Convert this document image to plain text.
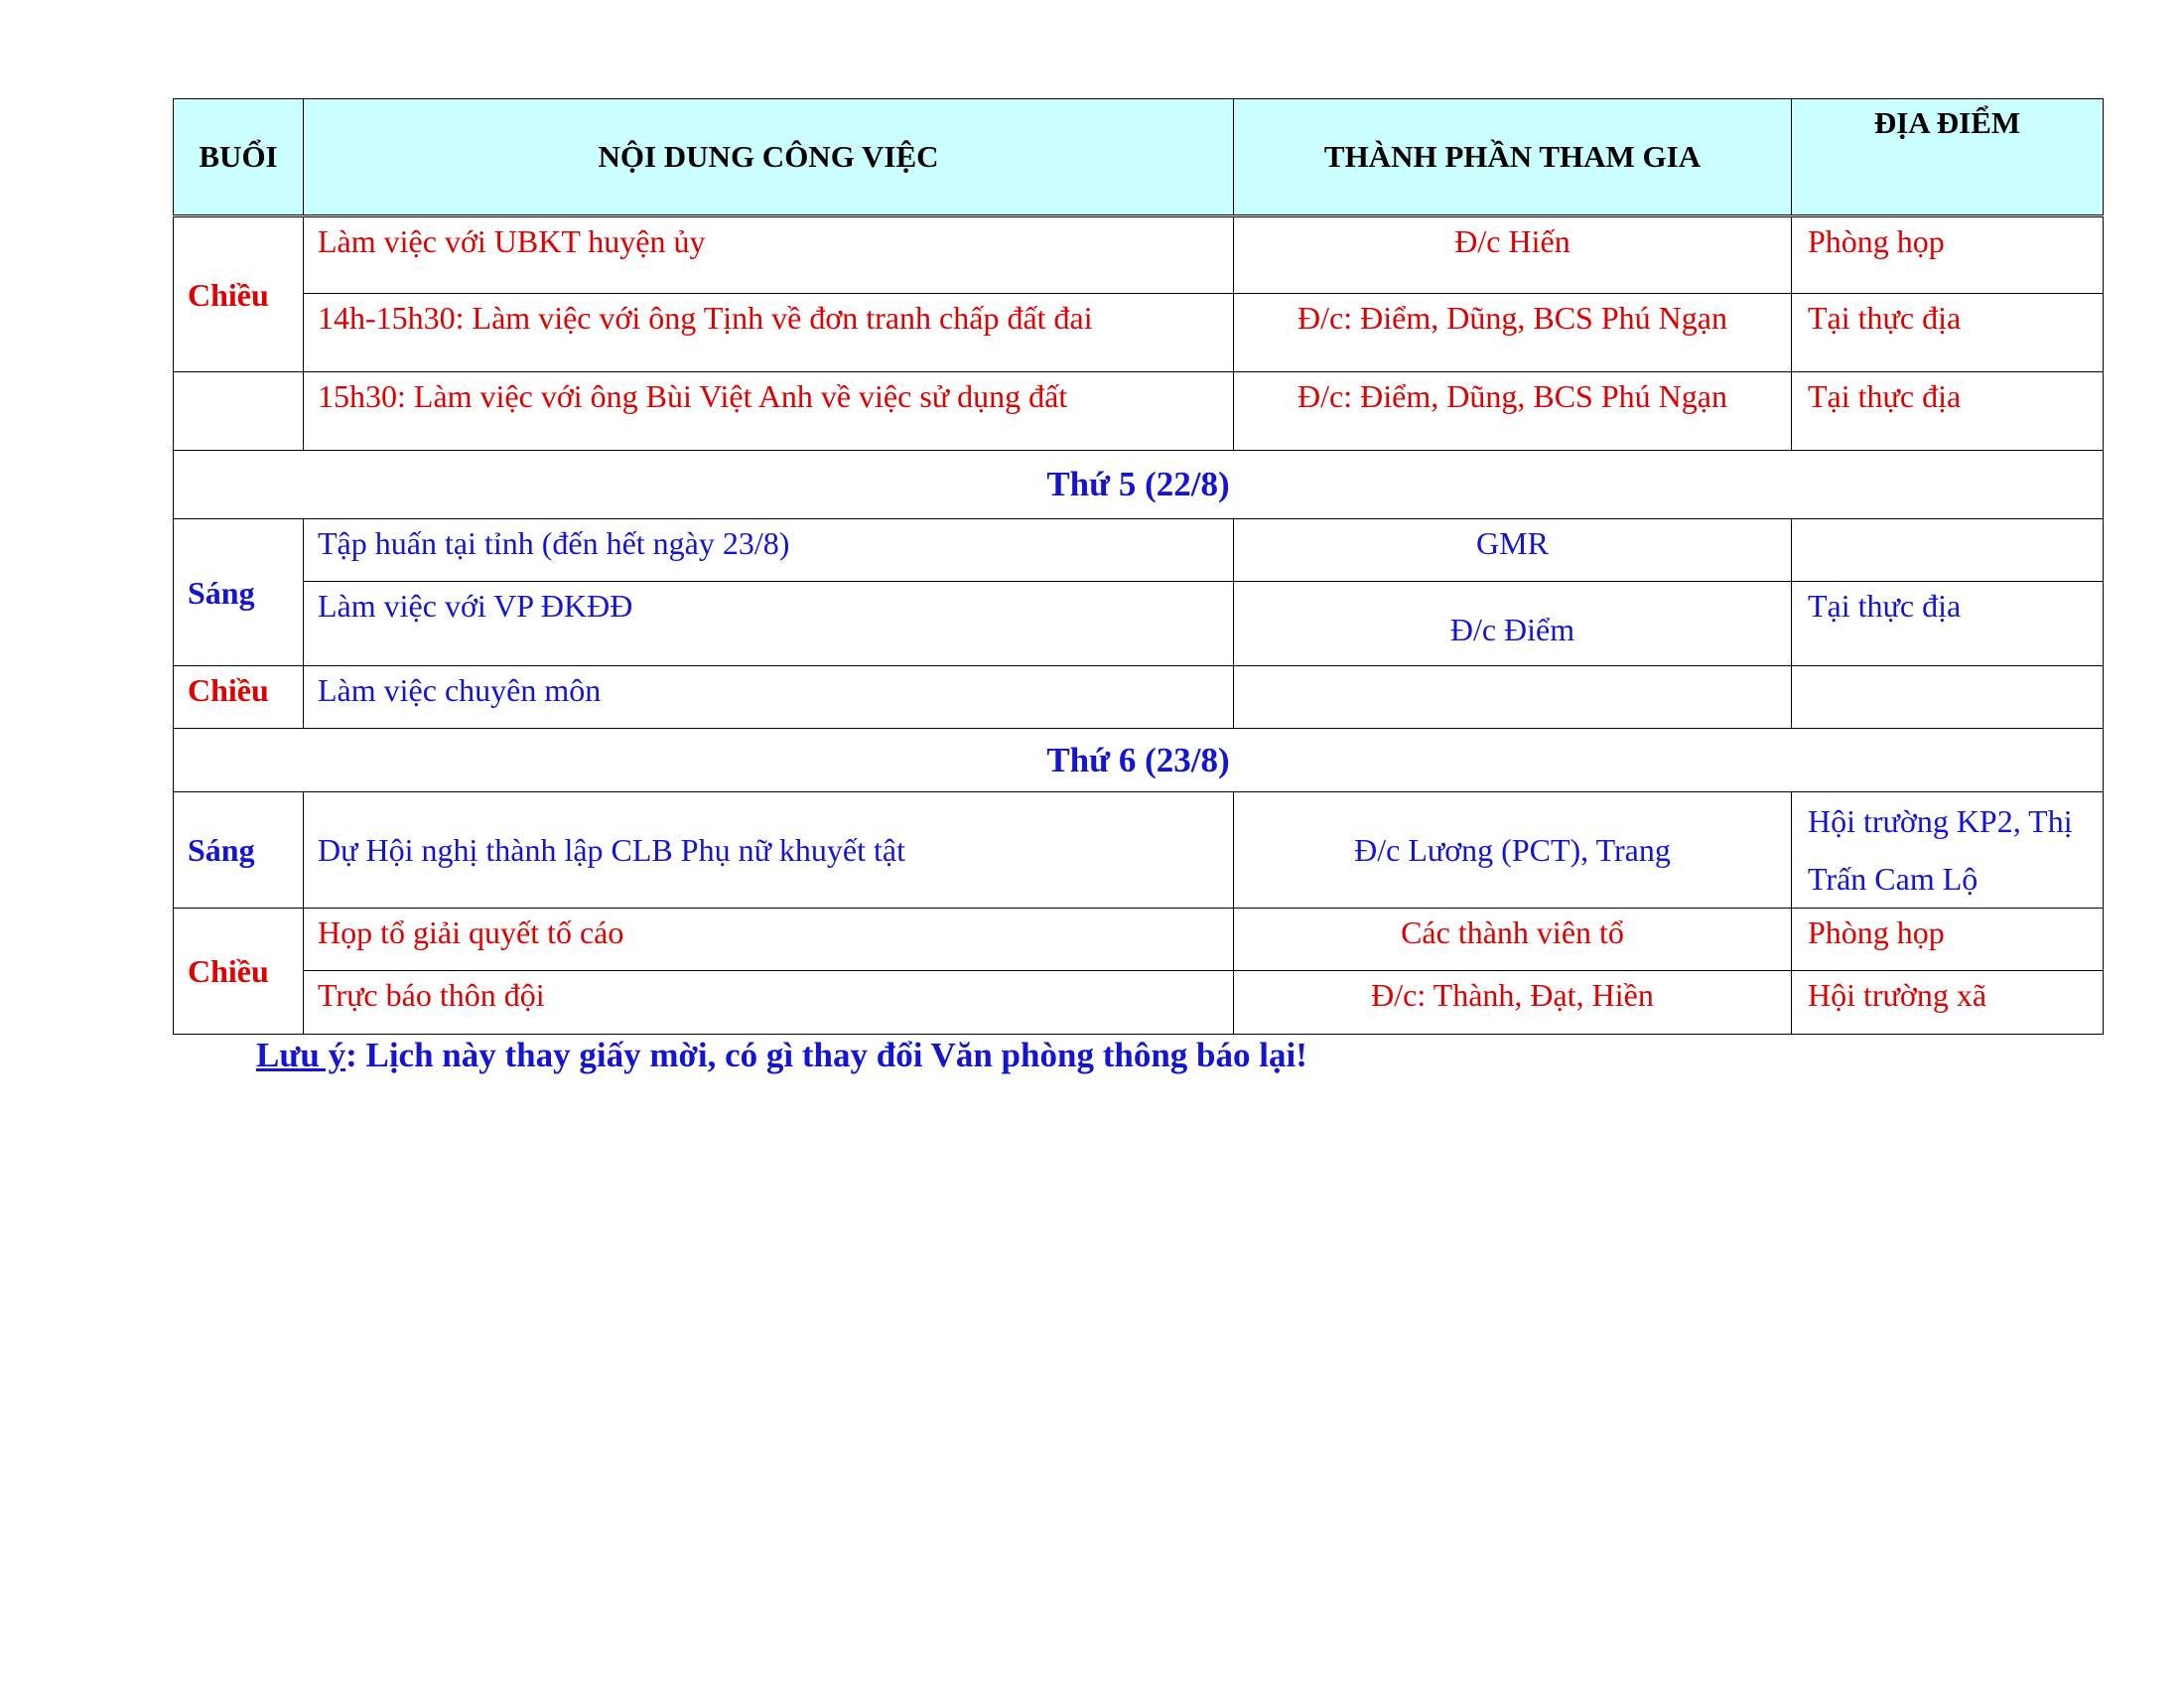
BUỔI	NỘI DUNG CÔNG VIỆC	THÀNH PHẦN THAM GIA	ĐỊA ĐIỂM
Chiều	Làm việc với UBKT huyện ủy	Đ/c Hiến	Phòng họp
	14h-15h30: Làm việc với ông Tịnh về đơn tranh chấp đất đai	Đ/c: Điểm, Dũng, BCS Phú Ngạn	Tại thực địa
	15h30: Làm việc với ông Bùi Việt Anh về việc sử dụng đất	Đ/c: Điểm, Dũng, BCS Phú Ngạn	Tại thực địa
Thứ 5 (22/8)			
Sáng	Tập huấn tại tỉnh (đến hết ngày 23/8)	GMR	
	Làm việc với VP ĐKĐĐ	Đ/c Điểm	Tại thực địa
Chiều	Làm việc chuyên môn		
Thứ 6 (23/8)			
Sáng	Dự Hội nghị thành lập CLB Phụ nữ khuyết tật	Đ/c Lương (PCT), Trang	Hội trường KP2, Thị Trấn Cam Lộ
Chiều	Họp tổ giải quyết tố cáo	Các thành viên tổ	Phòng họp
	Trực báo thôn đội	Đ/c: Thành, Đạt, Hiền	Hội trường xã
Lưu ý: Lịch này thay giấy mời, có gì thay đổi Văn phòng thông báo lại!
